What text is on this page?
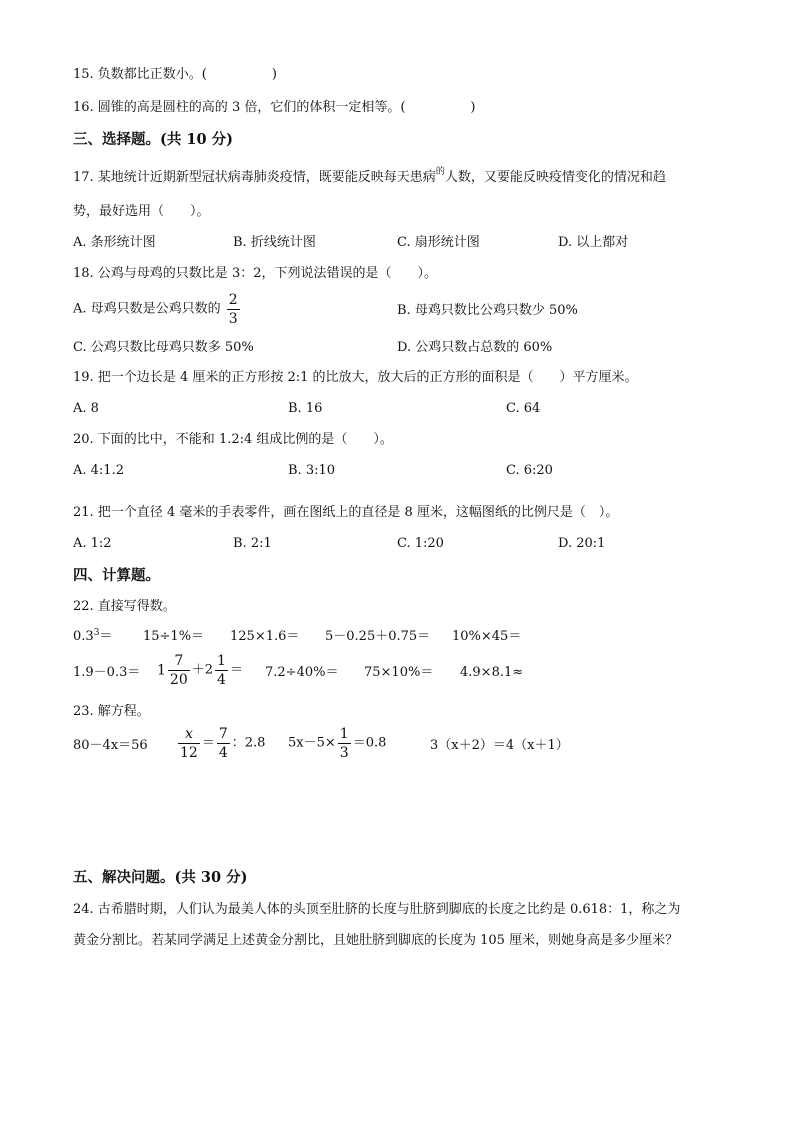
15. 负数都比正数小。(　　　　　)
16. 圆锥的高是圆柱的高的 3 倍，它们的体积一定相等。(　　　　　)
三、选择题。(共 10 分)
17. 某地统计近期新型冠状病毒肺炎疫情，既要能反映每天患病$^的$人数，又要能反映疫情变化的情况和趋
势，最好选用（　　）。
A. 条形统计图	B. 折线统计图	C. 扇形统计图	D. 以上都对
18. 公鸡与母鸡的只数比是 3：2，下列说法错误的是（　　）。
A. 母鸡只数是公鸡只数的 $\frac{2}{3}$	B. 母鸡只数比公鸡只数少 50%
C. 公鸡只数比母鸡只数多 50%	D. 公鸡只数占总数的 60%
19. 把一个边长是 4 厘米的正方形按 2:1 的比放大，放大后的正方形的面积是（　　）平方厘米。
A. 8	B. 16	C. 64
20. 下面的比中，不能和 1.2:4 组成比例的是（　　）。
A. 4:1.2	B. 3:10	C. 6:20
21. 把一个直径 4 毫米的手表零件，画在图纸上的直径是 8 厘米，这幅图纸的比例尺是（　）。
A. 1:2	B. 2:1	C. 1:20	D. 20:1
四、计算题。
22. 直接写得数。
$0.3^3= 15\div 1\%= 125\times 1.6= 5-0.25+0.75= 10\%\times 45=$
$1.9-0.3= 1 \frac{7}{20} +2 \frac{1}{4} = 7.2\div 40\%= 75\times 10\%= 4.9\times 8.1\approx$
23. 解方程。
$80-4x=56 \frac{x}{12} = \frac{7}{4}$ ：2.8 $5x-5\times \frac{1}{3} =0.8$	3（x＋2）＝4（x＋1）
五、解决问题。(共 30 分)
24. 古希腊时期，人们认为最美人体的头顶至肚脐的长度与肚脐到脚底的长度之比约是 0.618：1，称之为
黄金分割比。若某同学满足上述黄金分割比，且她肚脐到脚底的长度为 105 厘米，则她身高是多少厘米？
